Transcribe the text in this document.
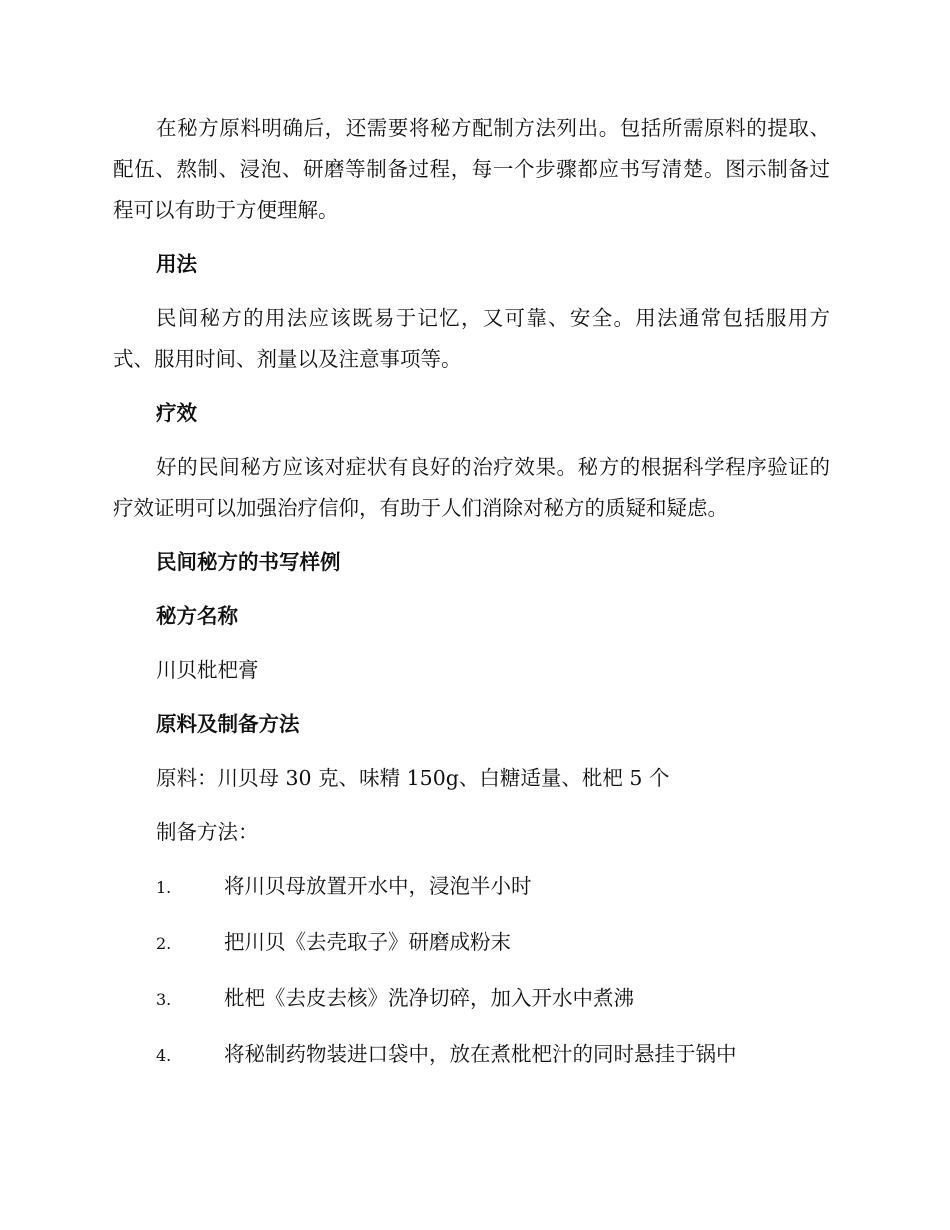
在秘方原料明确后，还需要将秘方配制方法列出。包括所需原料的提取、配伍、熬制、浸泡、研磨等制备过程，每一个步骤都应书写清楚。图示制备过程可以有助于方便理解。

用法

民间秘方的用法应该既易于记忆，又可靠、安全。用法通常包括服用方式、服用时间、剂量以及注意事项等。

疗效

好的民间秘方应该对症状有良好的治疗效果。秘方的根据科学程序验证的疗效证明可以加强治疗信仰，有助于人们消除对秘方的质疑和疑虑。

民间秘方的书写样例
秘方名称

川贝枇杷膏

原料及制备方法

原料：川贝母 30 克、味精 150g、白糖适量、枇杷 5 个

制备方法：

1.	将川贝母放置开水中，浸泡半小时
2.	把川贝《去壳取子》研磨成粉末
3.	枇杷《去皮去核》洗净切碎，加入开水中煮沸
4.	将秘制药物装进口袋中，放在煮枇杷汁的同时悬挂于锅中
